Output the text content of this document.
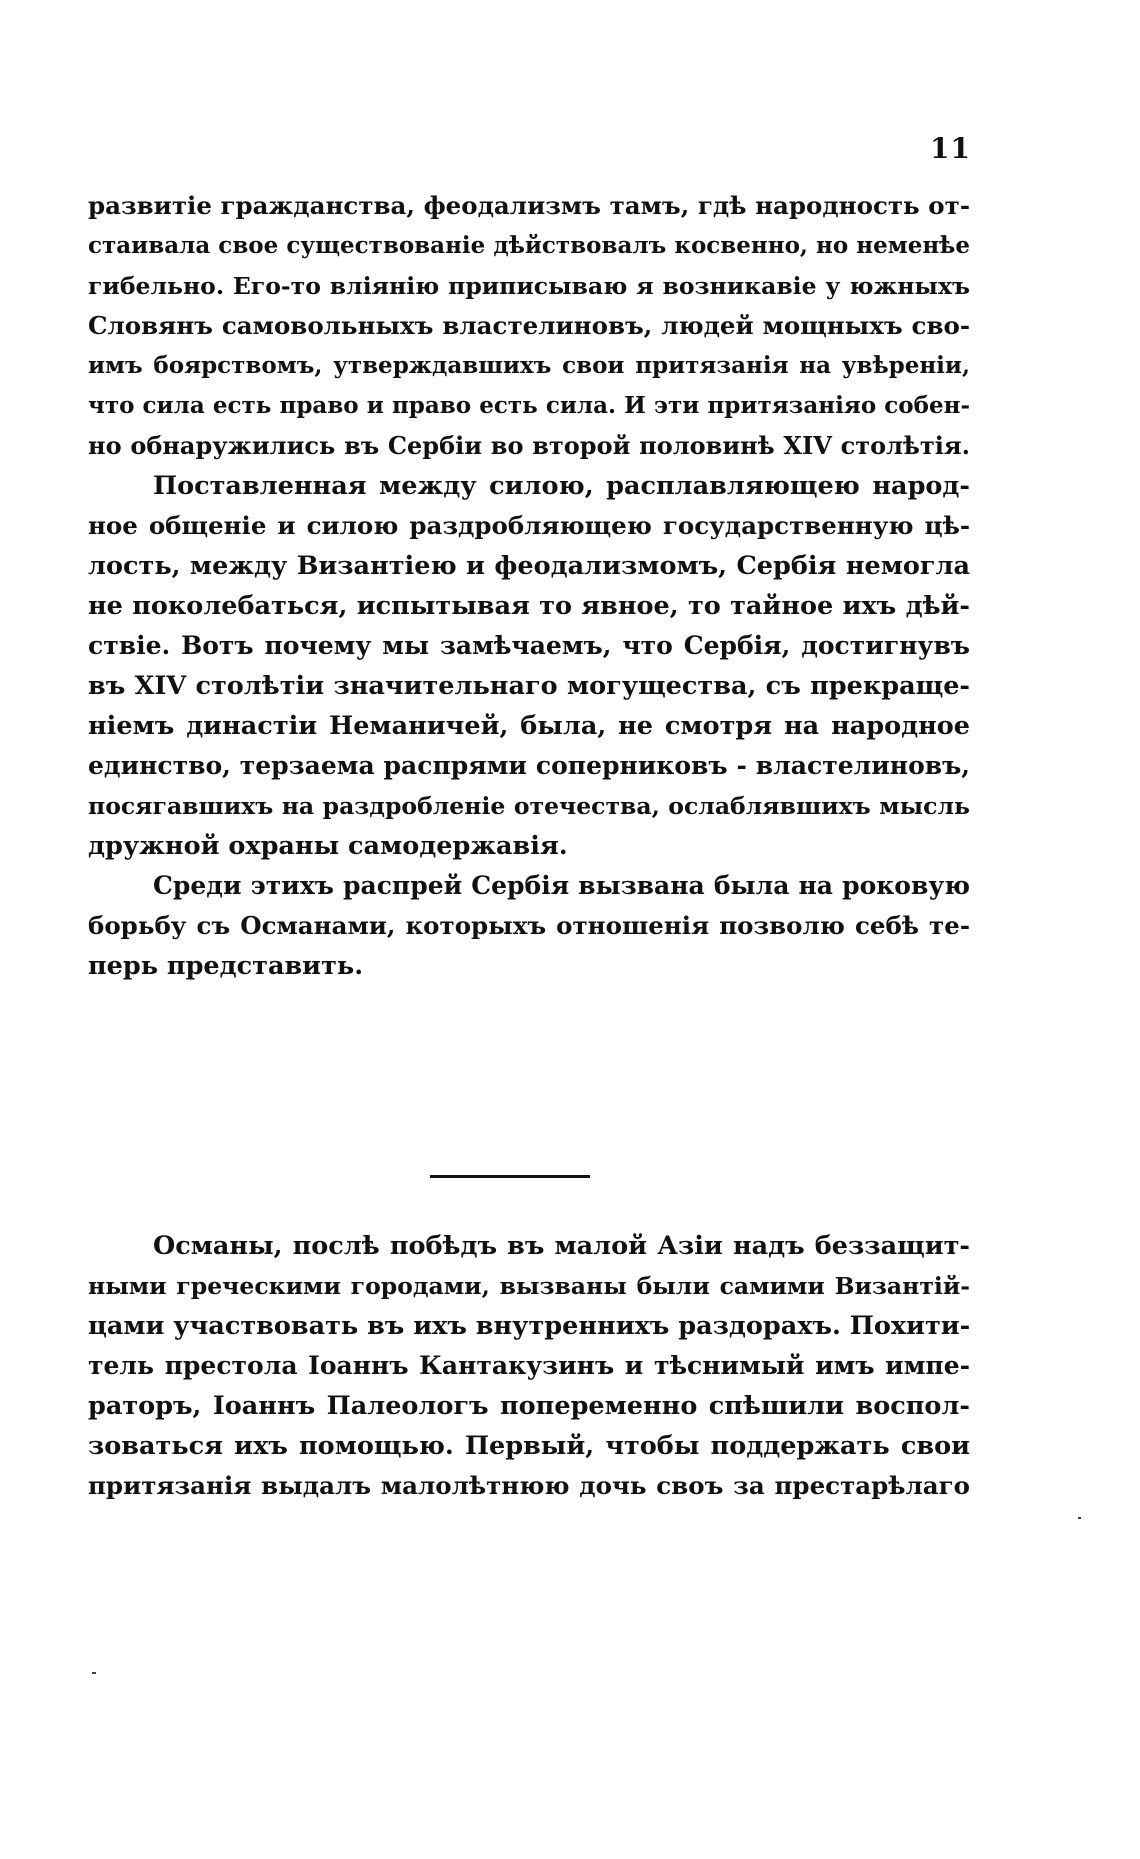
11
развитіе гражданства, феодализмъ тамъ, гдѣ народность от-
стаивала свое существованіе дѣйствовалъ косвенно, но неменѣе
гибельно. Его-то вліянію приписываю я возникавіе у южныхъ
Словянъ самовольныхъ властелиновъ, людей мощныхъ сво-
имъ боярствомъ, утверждавшихъ свои притязанія на увѣреніи,
что сила есть право и право есть сила. И эти притязаніяо собен-
но обнаружились въ Сербіи во второй половинѣ XIV столѣтія.
Поставленная между силою, расплавляющею народ-
ное общеніе и силою раздробляющею государственную цѣ-
лость, между Византіею и феодализмомъ, Сербія немогла
не поколебаться, испытывая то явное, то тайное ихъ дѣй-
ствіе. Вотъ почему мы замѣчаемъ, что Сербія, достигнувъ
въ XIV столѣтіи значительнаго могущества, съ прекраще-
ніемъ династіи Неманичей, была, не смотря на народное
единство, терзаема распрями соперниковъ - властелиновъ,
посягавшихъ на раздробленіе отечества, ослаблявшихъ мысль
дружной охраны самодержавія.
Среди этихъ распрей Сербія вызвана была на роковую
борьбу съ Османами, которыхъ отношенія позволю себѣ те-
перь представить.
Османы, послѣ побѣдъ въ малой Азіи надъ беззащит-
ными греческими городами, вызваны были самими Византій-
цами участвовать въ ихъ внутреннихъ раздорахъ. Похити-
тель престола Іоаннъ Кантакузинъ и тѣснимый имъ импе-
раторъ, Іоаннъ Палеологъ попеременно спѣшили воспол-
зоваться ихъ помощью. Первый, чтобы поддержать свои
притязанія выдалъ малолѣтнюю дочь своъ за престарѣлаго
